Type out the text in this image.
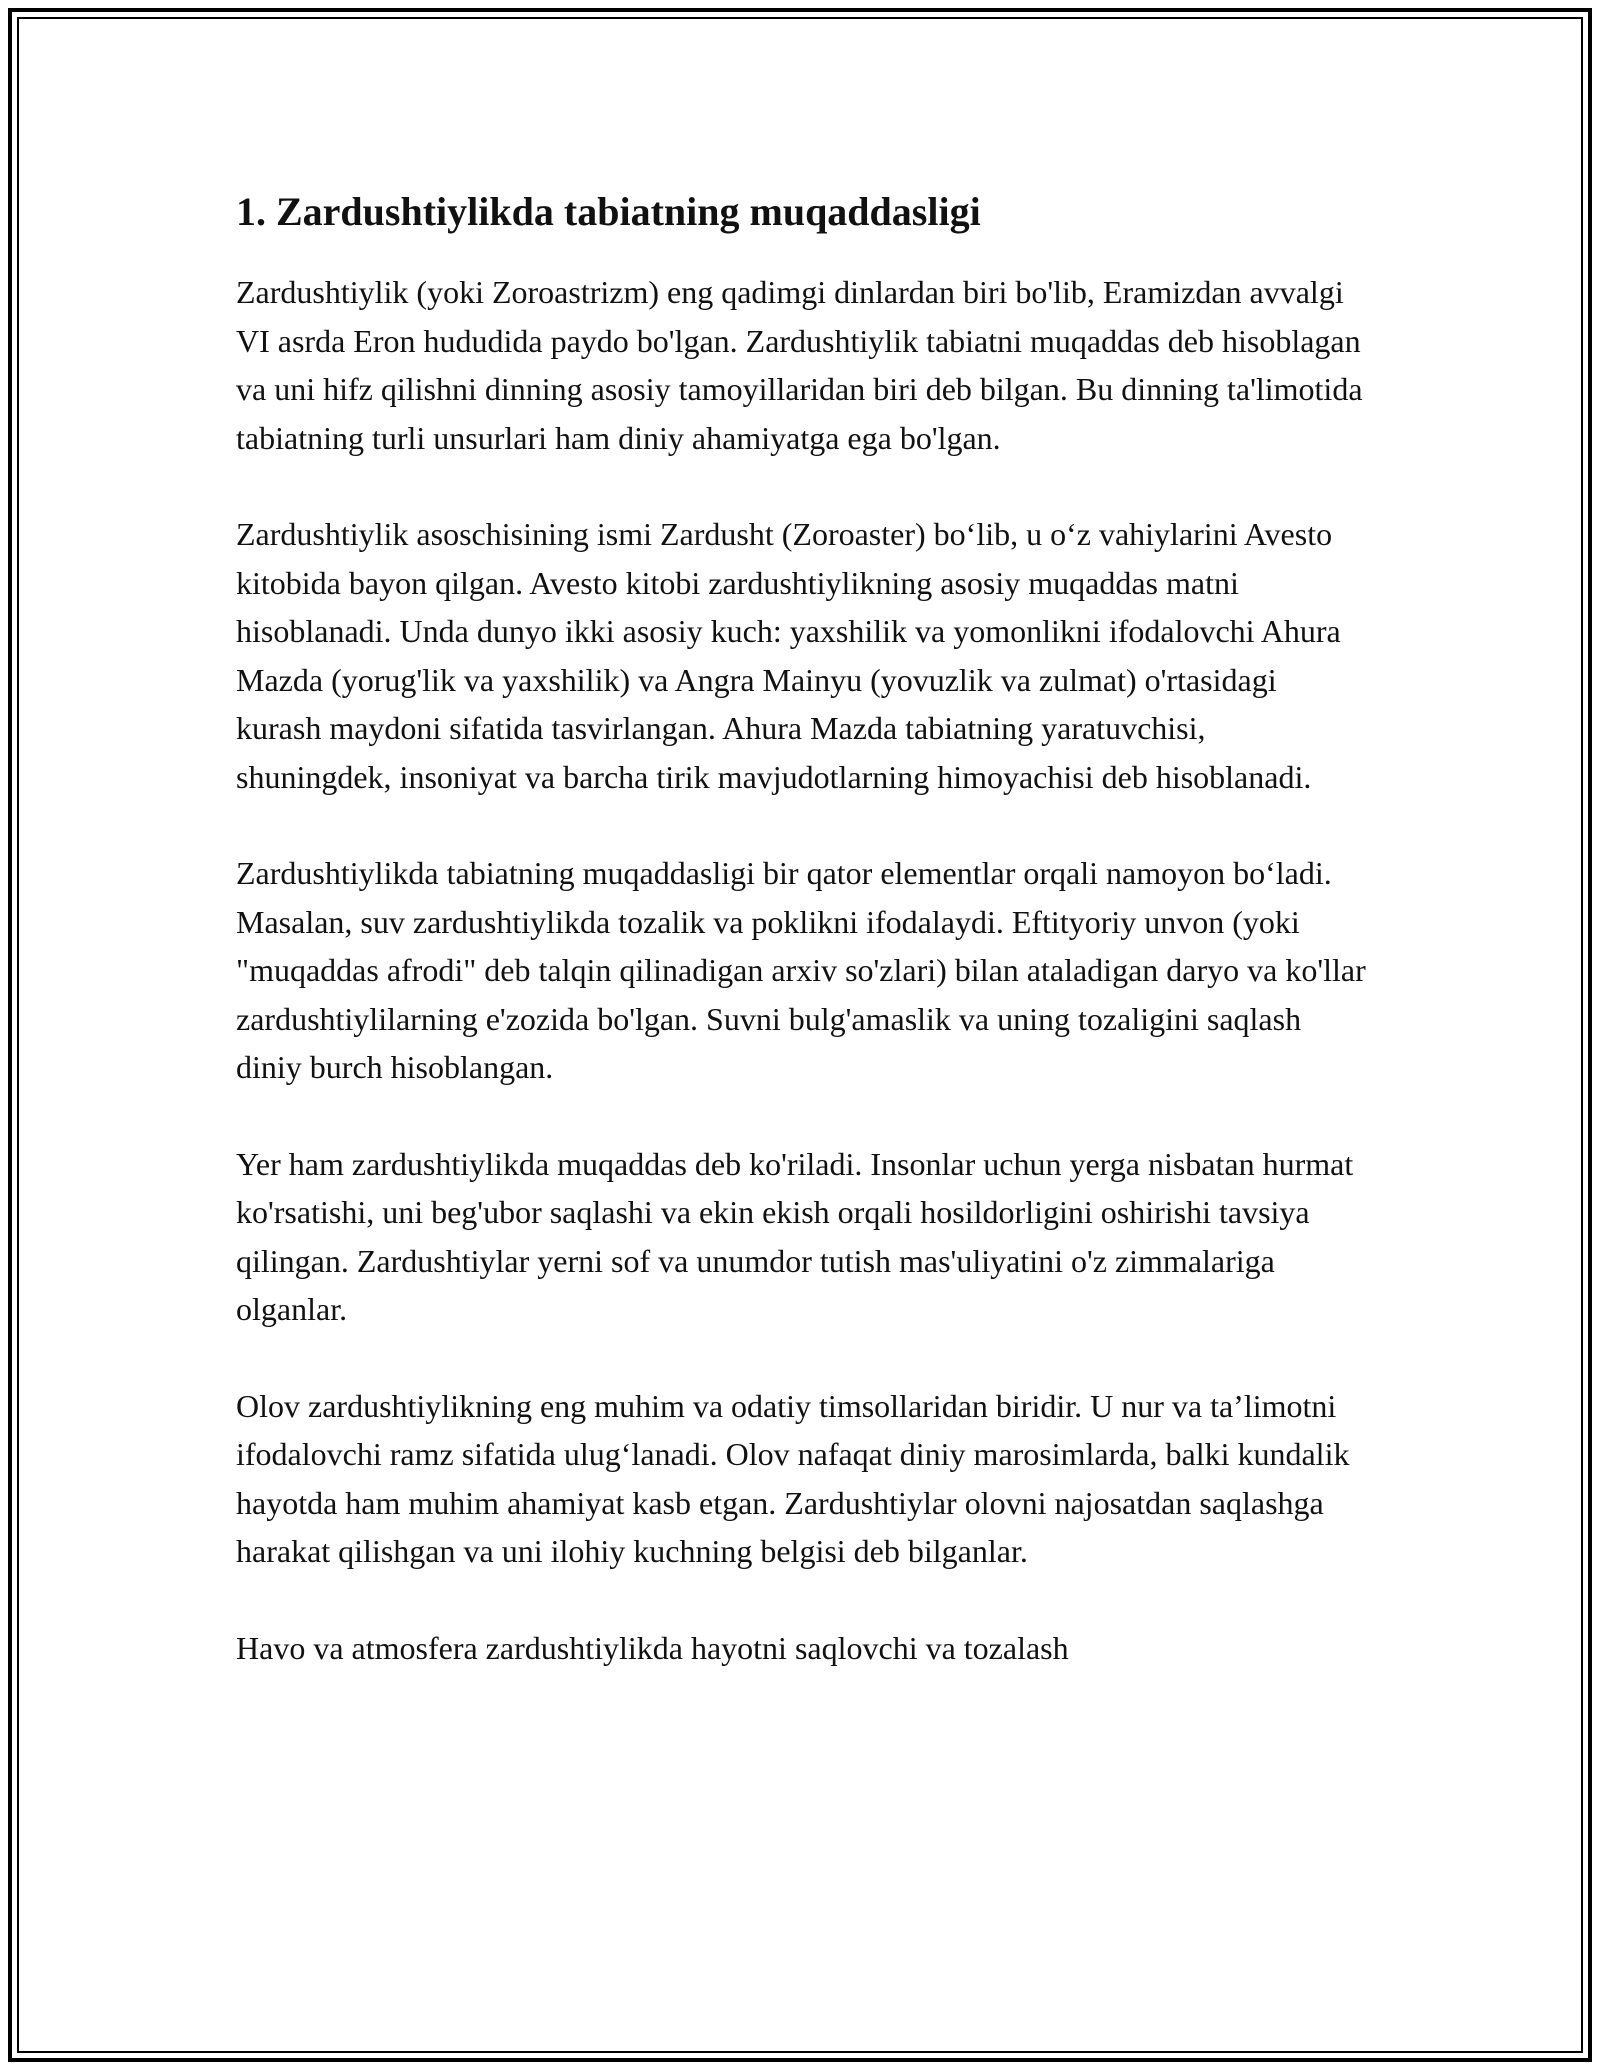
1. Zardushtiylikda tabiatning muqaddasligi

Zardushtiylik (yoki Zoroastrizm) eng qadimgi dinlardan biri bo'lib, Eramizdan avvalgi VI asrda Eron hududida paydo bo'lgan. Zardushtiylik tabiatni muqaddas deb hisoblagan va uni hifz qilishni dinning asosiy tamoyillaridan biri deb bilgan. Bu dinning ta'limotida tabiatning turli unsurlari ham diniy ahamiyatga ega bo'lgan.

Zardushtiylik asoschisining ismi Zardusht (Zoroaster) bo‘lib, u o‘z vahiylarini Avesto kitobida bayon qilgan. Avesto kitobi zardushtiylikning asosiy muqaddas matni hisoblanadi. Unda dunyo ikki asosiy kuch: yaxshilik va yomonlikni ifodalovchi Ahura Mazda (yorug'lik va yaxshilik) va Angra Mainyu (yovuzlik va zulmat) o'rtasidagi kurash maydoni sifatida tasvirlangan. Ahura Mazda tabiatning yaratuvchisi, shuningdek, insoniyat va barcha tirik mavjudotlarning himoyachisi deb hisoblanadi.

Zardushtiylikda tabiatning muqaddasligi bir qator elementlar orqali namoyon bo‘ladi. Masalan, suv zardushtiylikda tozalik va poklikni ifodalaydi. Eftityoriy unvon (yoki "muqaddas afrodi" deb talqin qilinadigan arxiv so'zlari) bilan ataladigan daryo va ko'llar zardushtiylilarning e'zozida bo'lgan. Suvni bulg'amaslik va uning tozaligini saqlash diniy burch hisoblangan.

Yer ham zardushtiylikda muqaddas deb ko'riladi. Insonlar uchun yerga nisbatan hurmat ko'rsatishi, uni beg'ubor saqlashi va ekin ekish orqali hosildorligini oshirishi tavsiya qilingan. Zardushtiylar yerni sof va unumdor tutish mas'uliyatini o'z zimmalariga olganlar.

Olov zardushtiylikning eng muhim va odatiy timsollaridan biridir. U nur va ta’limotni ifodalovchi ramz sifatida ulug‘lanadi. Olov nafaqat diniy marosimlarda, balki kundalik hayotda ham muhim ahamiyat kasb etgan. Zardushtiylar olovni najosatdan saqlashga harakat qilishgan va uni ilohiy kuchning belgisi deb bilganlar.

Havo va atmosfera zardushtiylikda hayotni saqlovchi va tozalash
